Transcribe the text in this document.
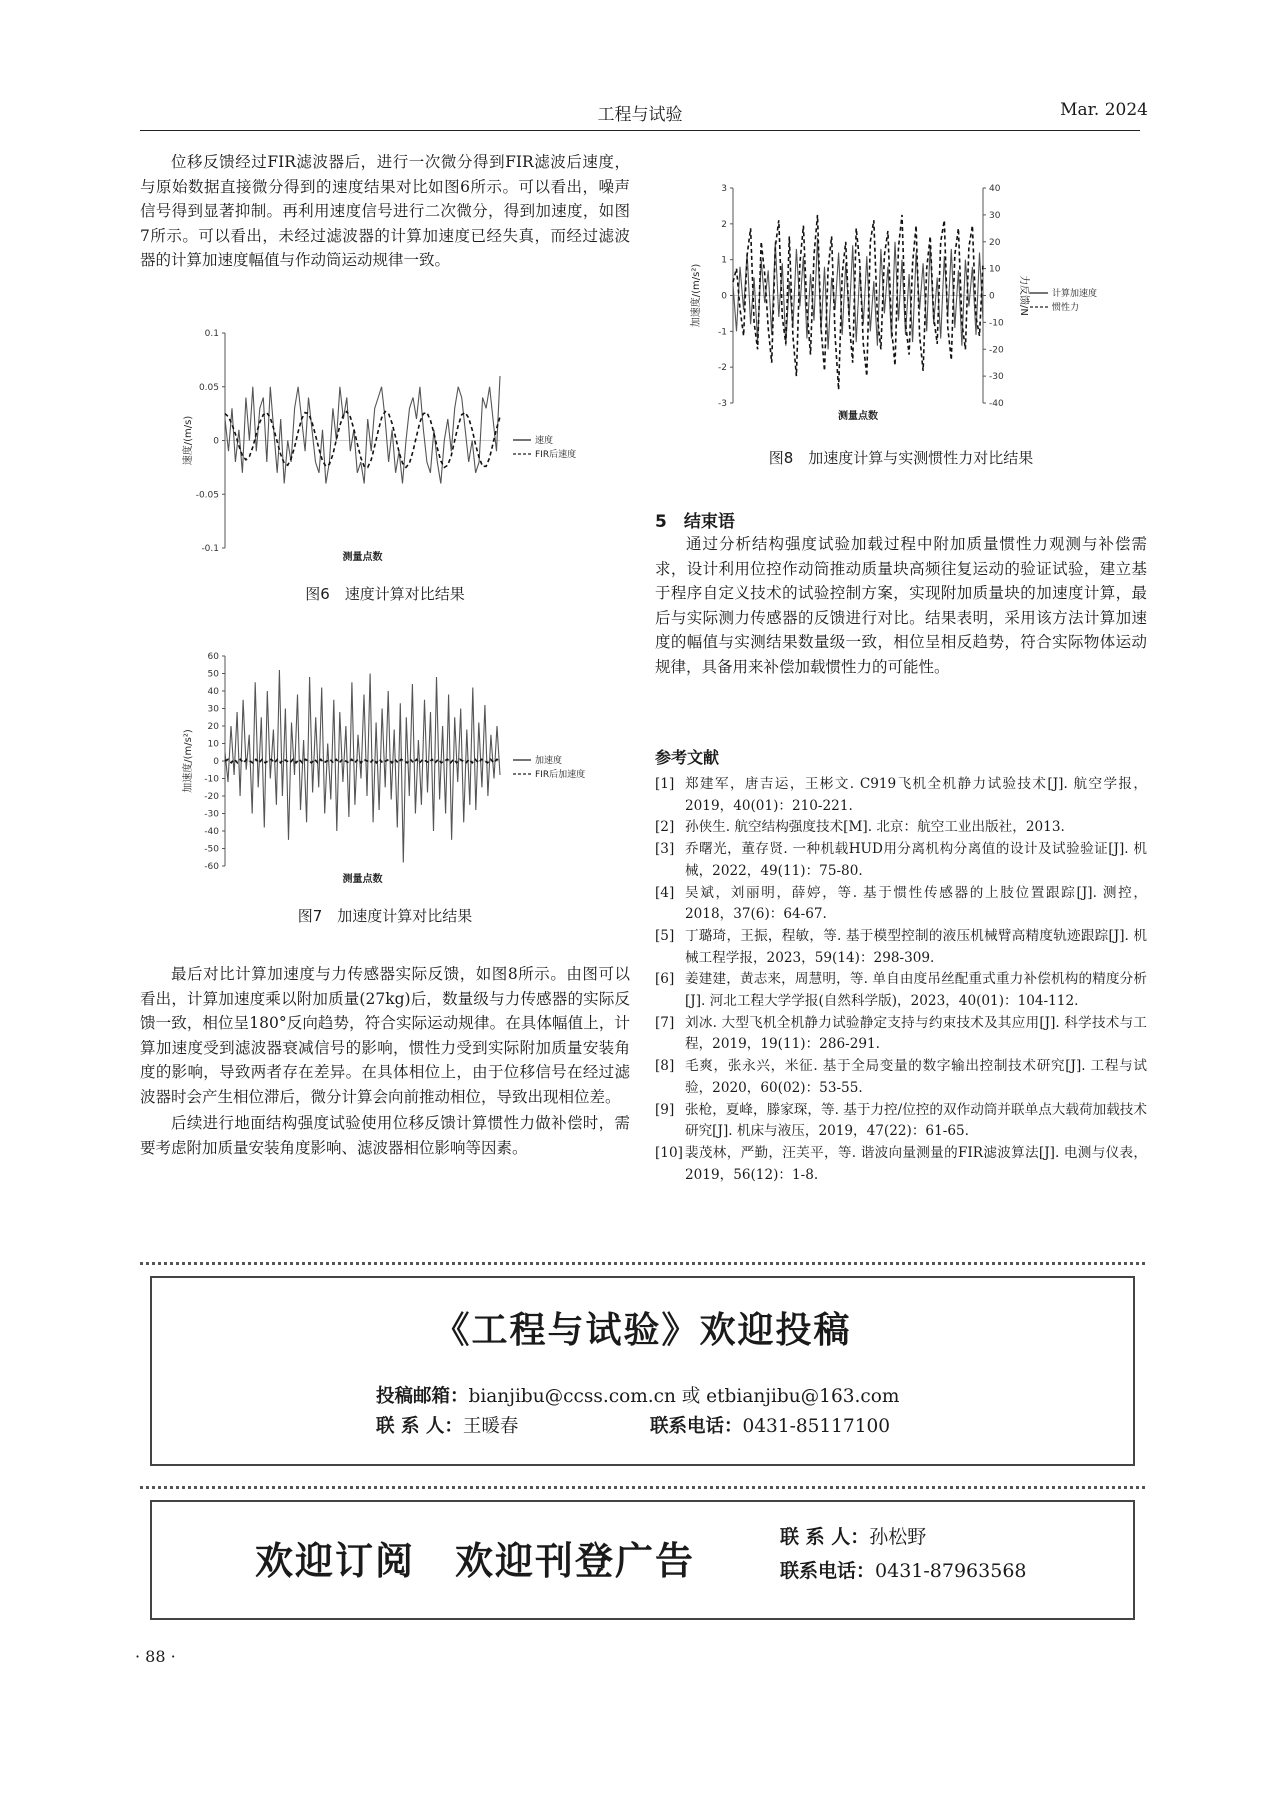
工程与试验	Mar. 2024

位移反馈经过FIR滤波器后，进行一次微分得到FIR滤波后速度，与原始数据直接微分得到的速度结果对比如图6所示。可以看出，噪声信号得到显著抑制。再利用速度信号进行二次微分，得到加速度，如图7所示。可以看出，未经过滤波器的计算加速度已经失真，而经过滤波器的计算加速度幅值与作动筒运动规律一致。

0.1
0.05
0
-0.05
-0.1
速度/(m/s)
测量点数
速度
FIR后速度
图6　速度计算对比结果
60
50
40
30
20
10
0
-10
-20
-30
-40
-50
-60
加速度/(m/s²)
测量点数
加速度
FIR后加速度
图7　加速度计算对比结果

最后对比计算加速度与力传感器实际反馈，如图8所示。由图可以看出，计算加速度乘以附加质量(27kg)后，数量级与力传感器的实际反馈一致，相位呈180°反向趋势，符合实际运动规律。在具体幅值上，计算加速度受到滤波器衰减信号的影响，惯性力受到实际附加质量安装角度的影响，导致两者存在差异。在具体相位上，由于位移信号在经过滤波器时会产生相位滞后，微分计算会向前推动相位，导致出现相位差。

后续进行地面结构强度试验使用位移反馈计算惯性力做补偿时，需要考虑附加质量安装角度影响、滤波器相位影响等因素。

3
2
1
0
-1
-2
-3
40
30
20
10
0
-10
-20
-30
-40
力反馈/N
加速度/(m/s²)
测量点数
计算加速度
惯性力
图8　加速度计算与实测惯性力对比结果
5　结束语

通过分析结构强度试验加载过程中附加质量惯性力观测与补偿需求，设计利用位控作动筒推动质量块高频往复运动的验证试验，建立基于程序自定义技术的试验控制方案，实现附加质量块的加速度计算，最后与实际测力传感器的反馈进行对比。结果表明，采用该方法计算加速度的幅值与实测结果数量级一致，相位呈相反趋势，符合实际物体运动规律，具备用来补偿加载惯性力的可能性。

参考文献
[1] 郑建军，唐吉运，王彬文. C919飞机全机静力试验技术[J]. 航空学报，2019，40(01)：210-221.
[2] 孙侠生. 航空结构强度技术[M]. 北京：航空工业出版社，2013.
[3] 乔曙光，董存贤. 一种机载HUD用分离机构分离值的设计及试验验证[J]. 机械，2022，49(11)：75-80.
[4] 吴斌，刘丽明，薛婷，等. 基于惯性传感器的上肢位置跟踪[J]. 测控，2018，37(6)：64-67.
[5] 丁璐琦，王振，程敏，等. 基于模型控制的液压机械臂高精度轨迹跟踪[J]. 机械工程学报，2023，59(14)：298-309.
[6] 姜建建，黄志来，周慧明，等. 单自由度吊丝配重式重力补偿机构的精度分析[J]. 河北工程大学学报(自然科学版)，2023，40(01)：104-112.
[7] 刘冰. 大型飞机全机静力试验静定支持与约束技术及其应用[J]. 科学技术与工程，2019，19(11)：286-291.
[8] 毛爽，张永兴，米征. 基于全局变量的数字输出控制技术研究[J]. 工程与试验，2020，60(02)：53-55.
[9] 张枪，夏峰，滕家琛，等. 基于力控/位控的双作动筒并联单点大载荷加载技术研究[J]. 机床与液压，2019，47(22)：61-65.
[10] 裴茂林，严勤，汪芙平，等. 谐波向量测量的FIR滤波算法[J]. 电测与仪表，2019，56(12)：1-8.
《工程与试验》欢迎投稿
投稿邮箱：bianjibu@ccss.com.cn 或 etbianjibu@163.com
联 系 人：王暖春	联系电话：0431-85117100
欢迎订阅　欢迎刊登广告
联 系 人：孙松野
联系电话：0431-87963568
· 88 ·
